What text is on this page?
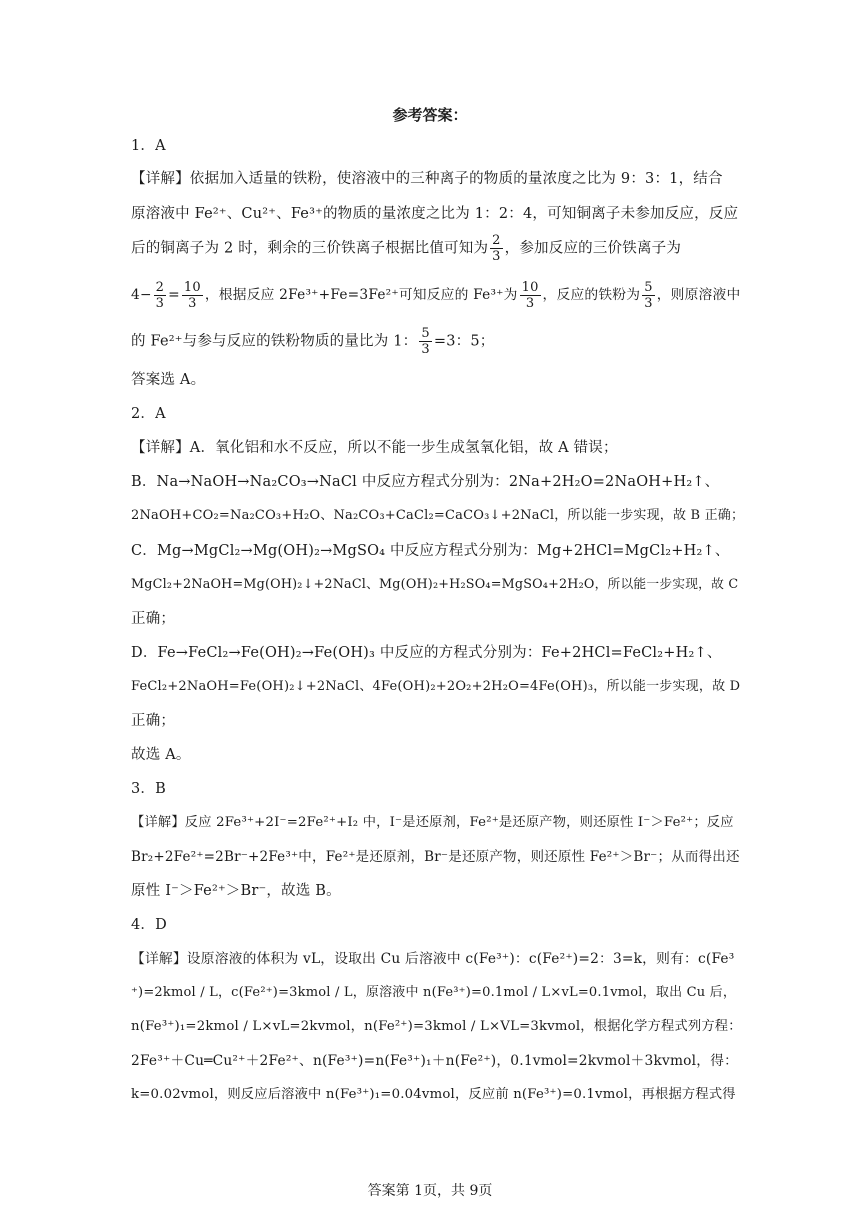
参考答案：
1．A
【详解】依据加入适量的铁粉，使溶液中的三种离子的物质的量浓度之比为 9：3：1，结合
原溶液中 Fe²⁺、Cu²⁺、Fe³⁺的物质的量浓度之比为 1：2：4，可知铜离子未参加反应，反应
后的铜离子为 2 时，剩余的三价铁离子根据比值可知为 $\frac{2}{3}$ ，参加反应的三价铁离子为
$4- \frac{2}{3} = \frac{10}{3}$ ，根据反应 2Fe³⁺+Fe=3Fe²⁺可知反应的 Fe³⁺为 $\frac{10}{3}$ ，反应的铁粉为 $\frac{5}{3}$ ，则原溶液中
的 Fe²⁺与参与反应的铁粉物质的量比为 1： $\frac{5}{3} =3$：5；
答案选 A。
2．A
【详解】A．氧化铝和水不反应，所以不能一步生成氢氧化铝，故 A 错误；
B．Na→NaOH→Na₂CO₃→NaCl 中反应方程式分别为：2Na+2H₂O=2NaOH+H₂↑、
2NaOH+CO₂=Na₂CO₃+H₂O、Na₂CO₃+CaCl₂=CaCO₃↓+2NaCl，所以能一步实现，故 B 正确；
C．Mg→MgCl₂→Mg(OH)₂→MgSO₄ 中反应方程式分别为：Mg+2HCl=MgCl₂+H₂↑、
MgCl₂+2NaOH=Mg(OH)₂↓+2NaCl、Mg(OH)₂+H₂SO₄=MgSO₄+2H₂O，所以能一步实现，故 C
正确；
D．Fe→FeCl₂→Fe(OH)₂→Fe(OH)₃ 中反应的方程式分别为：Fe+2HCl=FeCl₂+H₂↑、
FeCl₂+2NaOH=Fe(OH)₂↓+2NaCl、4Fe(OH)₂+2O₂+2H₂O=4Fe(OH)₃，所以能一步实现，故 D
正确；
故选 A。
3．B
【详解】反应 2Fe³⁺+2I⁻=2Fe²⁺+I₂ 中，I⁻是还原剂，Fe²⁺是还原产物，则还原性 I⁻＞Fe²⁺；反应
Br₂+2Fe²⁺=2Br⁻+2Fe³⁺中，Fe²⁺是还原剂，Br⁻是还原产物，则还原性 Fe²⁺＞Br⁻；从而得出还
原性 I⁻＞Fe²⁺＞Br⁻，故选 B。
4．D
【详解】设原溶液的体积为 vL，设取出 Cu 后溶液中 c(Fe³⁺)：c(Fe²⁺)=2：3=k，则有：c(Fe³
⁺)=2kmol / L，c(Fe²⁺)=3kmol / L，原溶液中 n(Fe³⁺)=0.1mol / L×vL=0.1vmol，取出 Cu 后，
n(Fe³⁺)₁=2kmol / L×vL=2kvmol，n(Fe²⁺)=3kmol / L×VL=3kvmol，根据化学方程式列方程：
2Fe³⁺＋Cu═Cu²⁺＋2Fe²⁺、n(Fe³⁺)=n(Fe³⁺)₁＋n(Fe²⁺)，0.1vmol=2kvmol＋3kvmol，得：
k=0.02vmol，则反应后溶液中 n(Fe³⁺)₁=0.04vmol，反应前 n(Fe³⁺)=0.1vmol，再根据方程式得
答案第 1页，共 9页
